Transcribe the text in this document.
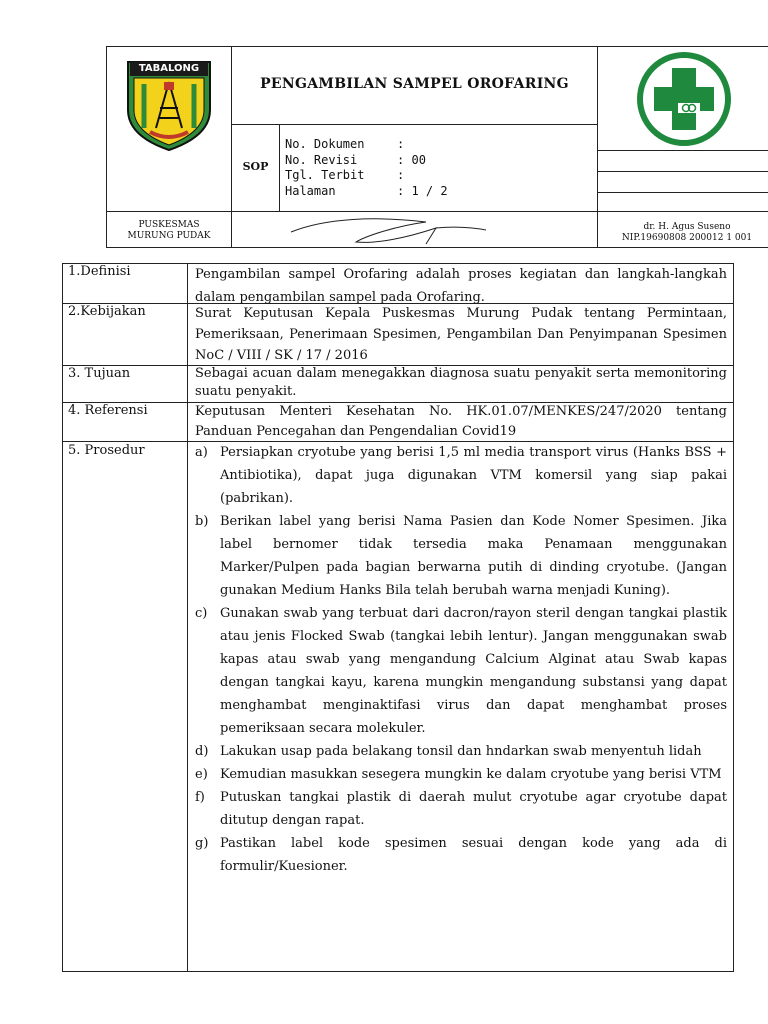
TABALONG
PENGAMBILAN SAMPEL OROFARING
SOP
No. Dokumen	:
No. Revisi	: 00
Tgl. Terbit	:
Halaman	: 1 / 2
PUSKESMAS
MURUNG PUDAK
dr. H. Agus Suseno
NIP.19690808 200012 1 001
1.Definisi	Pengambilan sampel Orofaring adalah proses kegiatan dan langkah-langkah dalam pengambilan sampel pada Orofaring.
2.Kebijakan	Surat Keputusan Kepala Puskesmas Murung Pudak tentang Permintaan, Pemeriksaan, Penerimaan Spesimen, Pengambilan Dan Penyimpanan Spesimen NoC / VIII / SK / 17 / 2016
3. Tujuan	Sebagai acuan dalam menegakkan diagnosa suatu penyakit serta memonitoring suatu penyakit.
4. Referensi	Keputusan Menteri Kesehatan No. HK.01.07/MENKES/247/2020 tentang Panduan Pencegahan dan Pengendalian Covid19
5. Prosedur	a) Persiapkan cryotube yang berisi 1,5 ml media transport virus (Hanks BSS + Antibiotika), dapat juga digunakan VTM komersil yang siap pakai (pabrikan).
b) Berikan label yang berisi Nama Pasien dan Kode Nomer Spesimen. Jika label bernomer tidak tersedia maka Penamaan menggunakan Marker/Pulpen pada bagian berwarna putih di dinding cryotube. (Jangan gunakan Medium Hanks Bila telah berubah warna menjadi Kuning).
c) Gunakan swab yang terbuat dari dacron/rayon steril dengan tangkai plastik atau jenis Flocked Swab (tangkai lebih lentur). Jangan menggunakan swab kapas atau swab yang mengandung Calcium Alginat atau Swab kapas dengan tangkai kayu, karena mungkin mengandung substansi yang dapat menghambat menginaktifasi virus dan dapat menghambat proses pemeriksaan secara molekuler.
d) Lakukan usap pada belakang tonsil dan hndarkan swab menyentuh lidah
e) Kemudian masukkan sesegera mungkin ke dalam cryotube yang berisi VTM
f) Putuskan tangkai plastik di daerah mulut cryotube agar cryotube dapat ditutup dengan rapat.
g) Pastikan label kode spesimen sesuai dengan kode yang ada di formulir/Kuesioner.
